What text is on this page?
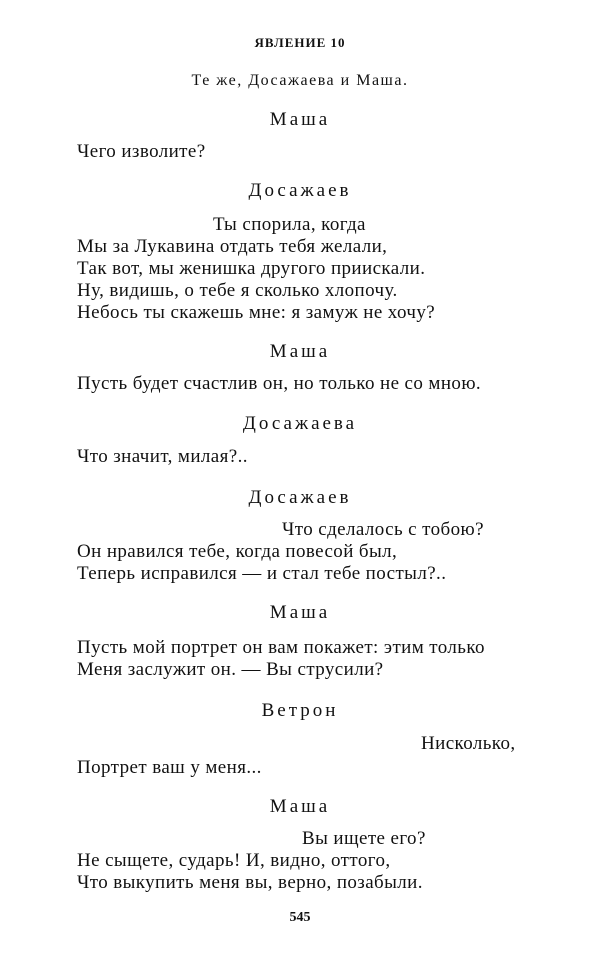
ЯВЛЕНИЕ 10
Те же, Досажаева и Маша.
Маша
Чего изволите?
Досажаев
Ты спорила, когда
Мы за Лукавина отдать тебя желали,
Так вот, мы женишка другого приискали.
Ну, видишь, о тебе я сколько хлопочу.
Небось ты скажешь мне: я замуж не хочу?
Маша
Пусть будет счастлив он, но только не со мною.
Досажаева
Что значит, милая?..
Досажаев
Что сделалось с тобою?
Он нравился тебе, когда повесой был,
Теперь исправился — и стал тебе постыл?..
Маша
Пусть мой портрет он вам покажет: этим только
Меня заслужит он. — Вы струсили?
Ветрон
Нисколько,
Портрет ваш у меня...
Маша
Вы ищете его?
Не сыщете, сударь! И, видно, оттого,
Что выкупить меня вы, верно, позабыли.
545
